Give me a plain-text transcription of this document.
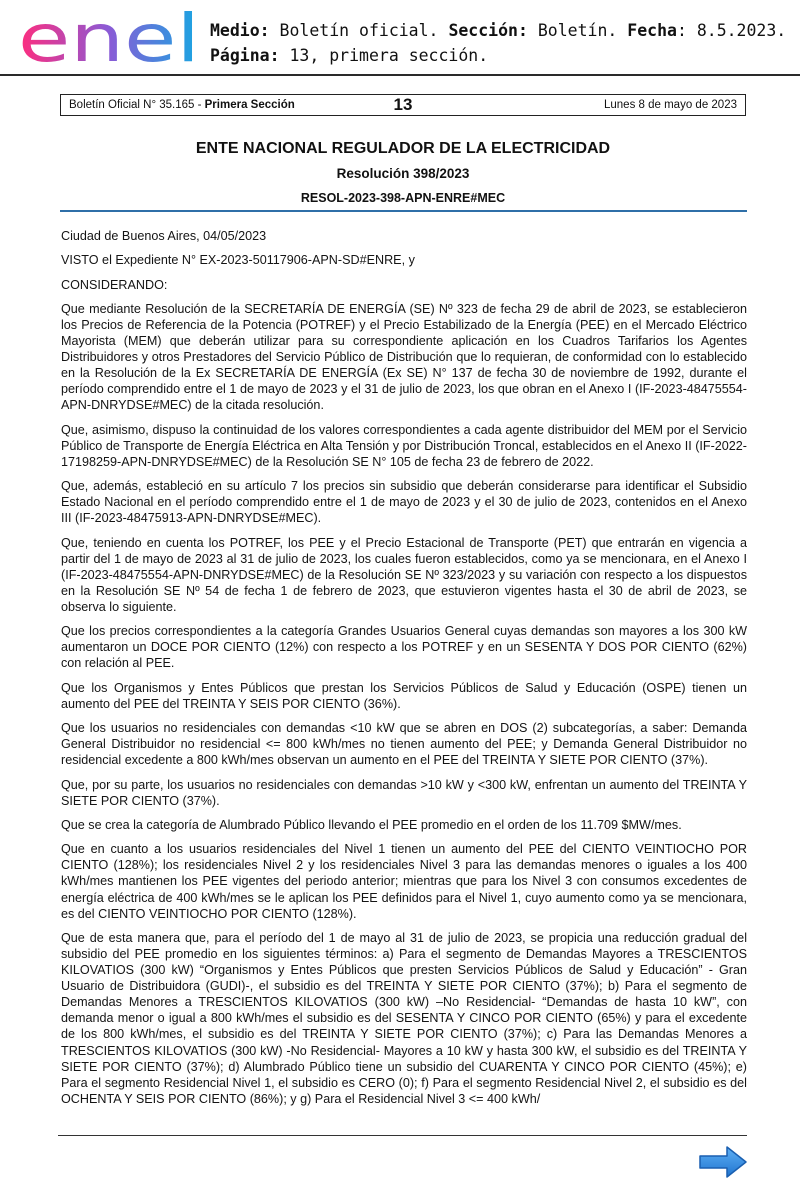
enel Medio: Boletín oficial. Sección: Boletín. Fecha: 8.5.2023.
Página: 13, primera sección.
13
Boletín Oficial N° 35.165 - Primera Sección	Lunes 8 de mayo de 2023
ENTE NACIONAL REGULADOR DE LA ELECTRICIDAD
Resolución 398/2023
RESOL-2023-398-APN-ENRE#MEC

Ciudad de Buenos Aires, 04/05/2023

VISTO el Expediente N° EX-2023-50117906-APN-SD#ENRE, y

CONSIDERANDO:

Que mediante Resolución de la SECRETARÍA DE ENERGÍA (SE) Nº 323 de fecha 29 de abril de 2023, se establecieron los Precios de Referencia de la Potencia (POTREF) y el Precio Estabilizado de la Energía (PEE) en el Mercado Eléctrico Mayorista (MEM) que deberán utilizar para su correspondiente aplicación en los Cuadros Tarifarios los Agentes Distribuidores y otros Prestadores del Servicio Público de Distribución que lo requieran, de conformidad con lo establecido en la Resolución de la Ex SECRETARÍA DE ENERGÍA (Ex SE) N° 137 de fecha 30 de noviembre de 1992, durante el período comprendido entre el 1 de mayo de 2023 y el 31 de julio de 2023, los que obran en el Anexo I (IF-2023-48475554-APN-DNRYDSE#MEC) de la citada resolución.

Que, asimismo, dispuso la continuidad de los valores correspondientes a cada agente distribuidor del MEM por el Servicio Público de Transporte de Energía Eléctrica en Alta Tensión y por Distribución Troncal, establecidos en el Anexo II (IF-2022-17198259-APN-DNRYDSE#MEC) de la Resolución SE N° 105 de fecha 23 de febrero de 2022.

Que, además, estableció en su artículo 7 los precios sin subsidio que deberán considerarse para identificar el Subsidio Estado Nacional en el período comprendido entre el 1 de mayo de 2023 y el 30 de julio de 2023, contenidos en el Anexo III (IF-2023-48475913-APN-DNRYDSE#MEC).

Que, teniendo en cuenta los POTREF, los PEE y el Precio Estacional de Transporte (PET) que entrarán en vigencia a partir del 1 de mayo de 2023 al 31 de julio de 2023, los cuales fueron establecidos, como ya se mencionara, en el Anexo I (IF-2023-48475554-APN-DNRYDSE#MEC) de la Resolución SE Nº 323/2023 y su variación con respecto a los dispuestos en la Resolución SE Nº 54 de fecha 1 de febrero de 2023, que estuvieron vigentes hasta el 30 de abril de 2023, se observa lo siguiente.

Que los precios correspondientes a la categoría Grandes Usuarios General cuyas demandas son mayores a los 300 kW aumentaron un DOCE POR CIENTO (12%) con respecto a los POTREF y en un SESENTA Y DOS POR CIENTO (62%) con relación al PEE.

Que los Organismos y Entes Públicos que prestan los Servicios Públicos de Salud y Educación (OSPE) tienen un aumento del PEE del TREINTA Y SEIS POR CIENTO (36%).

Que los usuarios no residenciales con demandas <10 kW que se abren en DOS (2) subcategorías, a saber: Demanda General Distribuidor no residencial <= 800 kWh/mes no tienen aumento del PEE; y Demanda General Distribuidor no residencial excedente a 800 kWh/mes observan un aumento en el PEE del TREINTA Y SIETE POR CIENTO (37%).

Que, por su parte, los usuarios no residenciales con demandas >10 kW y <300 kW, enfrentan un aumento del TREINTA Y SIETE POR CIENTO (37%).

Que se crea la categoría de Alumbrado Público llevando el PEE promedio en el orden de los 11.709 $MW/mes.

Que en cuanto a los usuarios residenciales del Nivel 1 tienen un aumento del PEE del CIENTO VEINTIOCHO POR CIENTO (128%); los residenciales Nivel 2 y los residenciales Nivel 3 para las demandas menores o iguales a los 400 kWh/mes mantienen los PEE vigentes del periodo anterior; mientras que para los Nivel 3 con consumos excedentes de energía eléctrica de 400 kWh/mes se le aplican los PEE definidos para el Nivel 1, cuyo aumento como ya se mencionara, es del CIENTO VEINTIOCHO POR CIENTO (128%).

Que de esta manera que, para el período del 1 de mayo al 31 de julio de 2023, se propicia una reducción gradual del subsidio del PEE promedio en los siguientes términos: a) Para el segmento de Demandas Mayores a TRESCIENTOS KILOVATIOS (300 kW) “Organismos y Entes Públicos que presten Servicios Públicos de Salud y Educación” - Gran Usuario de Distribuidora (GUDI)-, el subsidio es del TREINTA Y SIETE POR CIENTO (37%); b) Para el segmento de Demandas Menores a TRESCIENTOS KILOVATIOS (300 kW) –No Residencial- “Demandas de hasta 10 kW”, con demanda menor o igual a 800 kWh/mes el subsidio es del SESENTA Y CINCO POR CIENTO (65%) y para el excedente de los 800 kWh/mes, el subsidio es del TREINTA Y SIETE POR CIENTO (37%); c) Para las Demandas Menores a TRESCIENTOS KILOVATIOS (300 kW) -No Residencial- Mayores a 10 kW y hasta 300 kW, el subsidio es del TREINTA Y SIETE POR CIENTO (37%); d) Alumbrado Público tiene un subsidio del CUARENTA Y CINCO POR CIENTO (45%); e) Para el segmento Residencial Nivel 1, el subsidio es CERO (0); f) Para el segmento Residencial Nivel 2, el subsidio es del OCHENTA Y SEIS POR CIENTO (86%); y g) Para el Residencial Nivel 3 <= 400 kWh/
